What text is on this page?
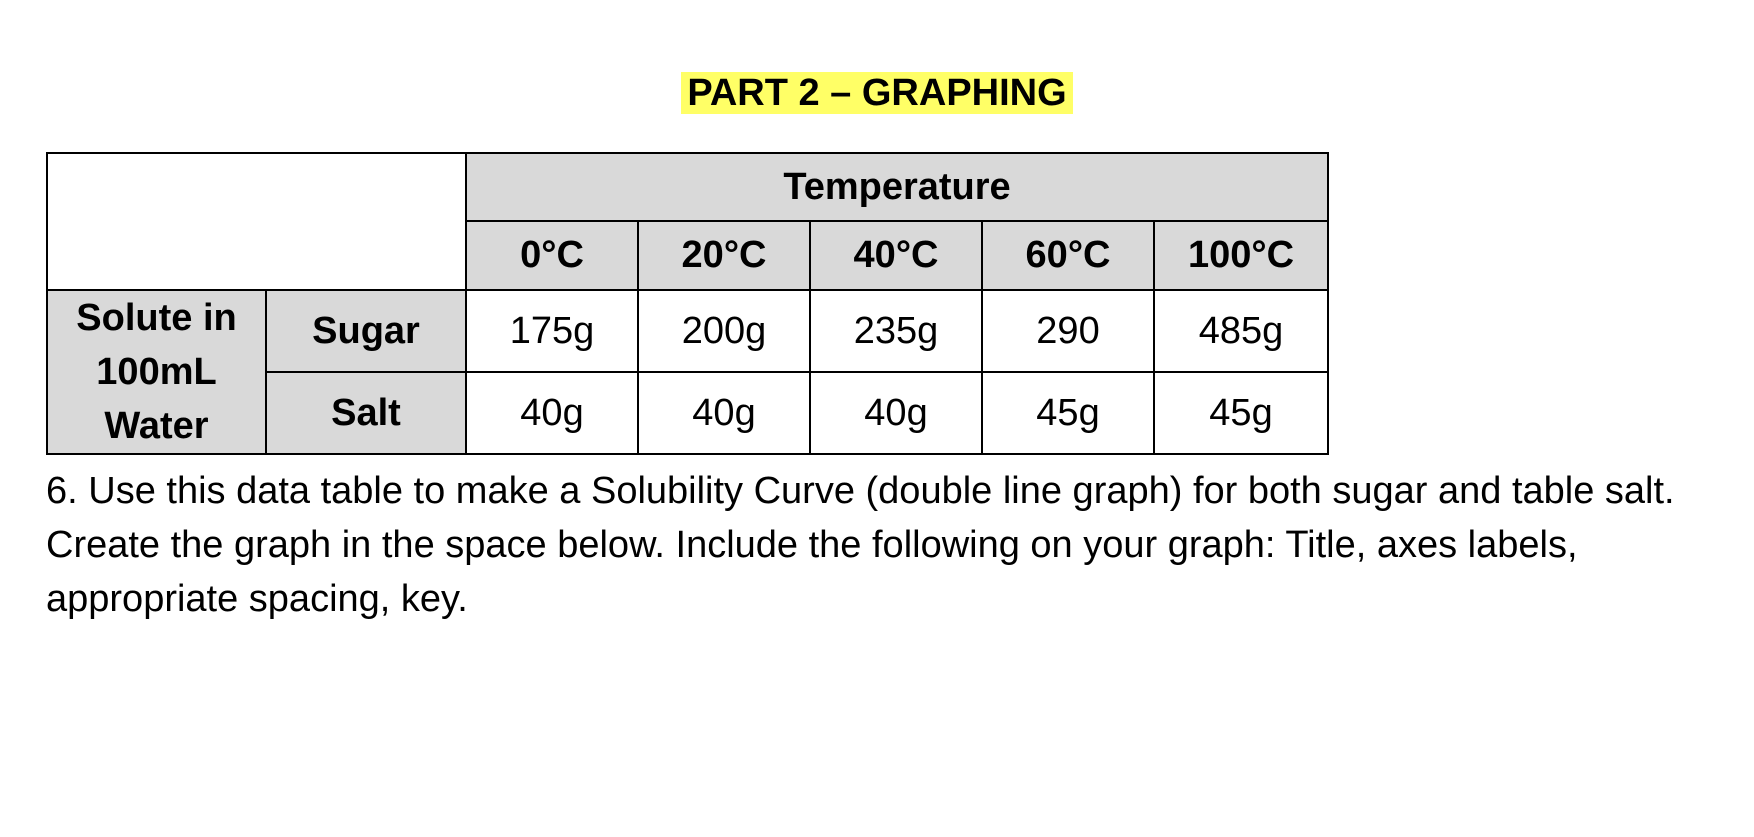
PART 2 – GRAPHING
		Temperature				
		0°C	20°C	40°C	60°C	100°C

Solute in
100mL
Water	Sugar	175g	200g	235g	290	485g
	Salt	40g	40g	40g	45g	45g
6. Use this data table to make a Solubility Curve (double line graph) for both sugar and table salt. Create the graph in the space below. Include the following on your graph: Title, axes labels, appropriate spacing, key.
